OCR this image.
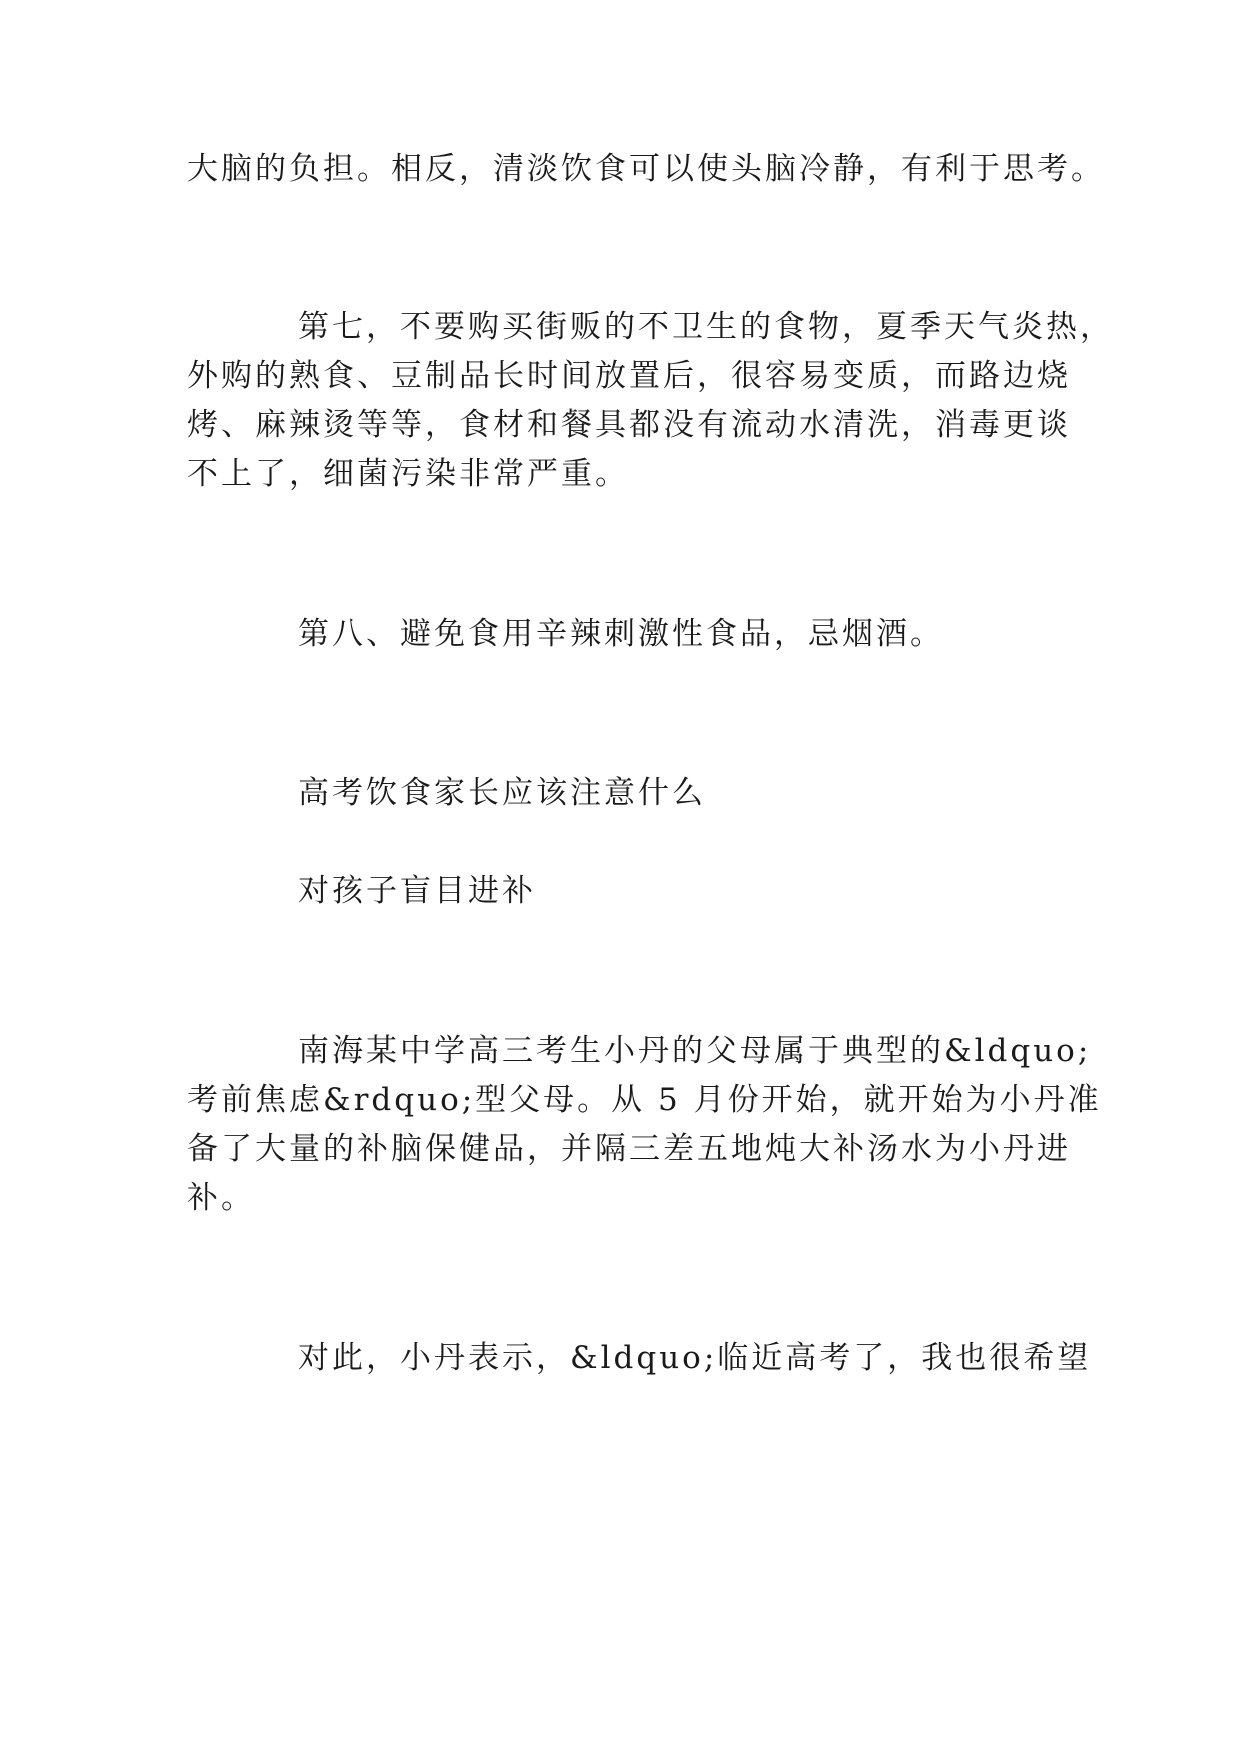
大脑的负担。相反，清淡饮食可以使头脑冷静，有利于思考。
第七，不要购买街贩的不卫生的食物，夏季天气炎热，
外购的熟食、豆制品长时间放置后，很容易变质，而路边烧
烤、麻辣烫等等，食材和餐具都没有流动水清洗，消毒更谈
不上了，细菌污染非常严重。
第八、避免食用辛辣刺激性食品，忌烟酒。
高考饮食家长应该注意什么
对孩子盲目进补
南海某中学高三考生小丹的父母属于典型的&ldquo;
考前焦虑&rdquo;型父母。从 5 月份开始，就开始为小丹准
备了大量的补脑保健品，并隔三差五地炖大补汤水为小丹进
补。
对此，小丹表示，&ldquo;临近高考了，我也很希望
